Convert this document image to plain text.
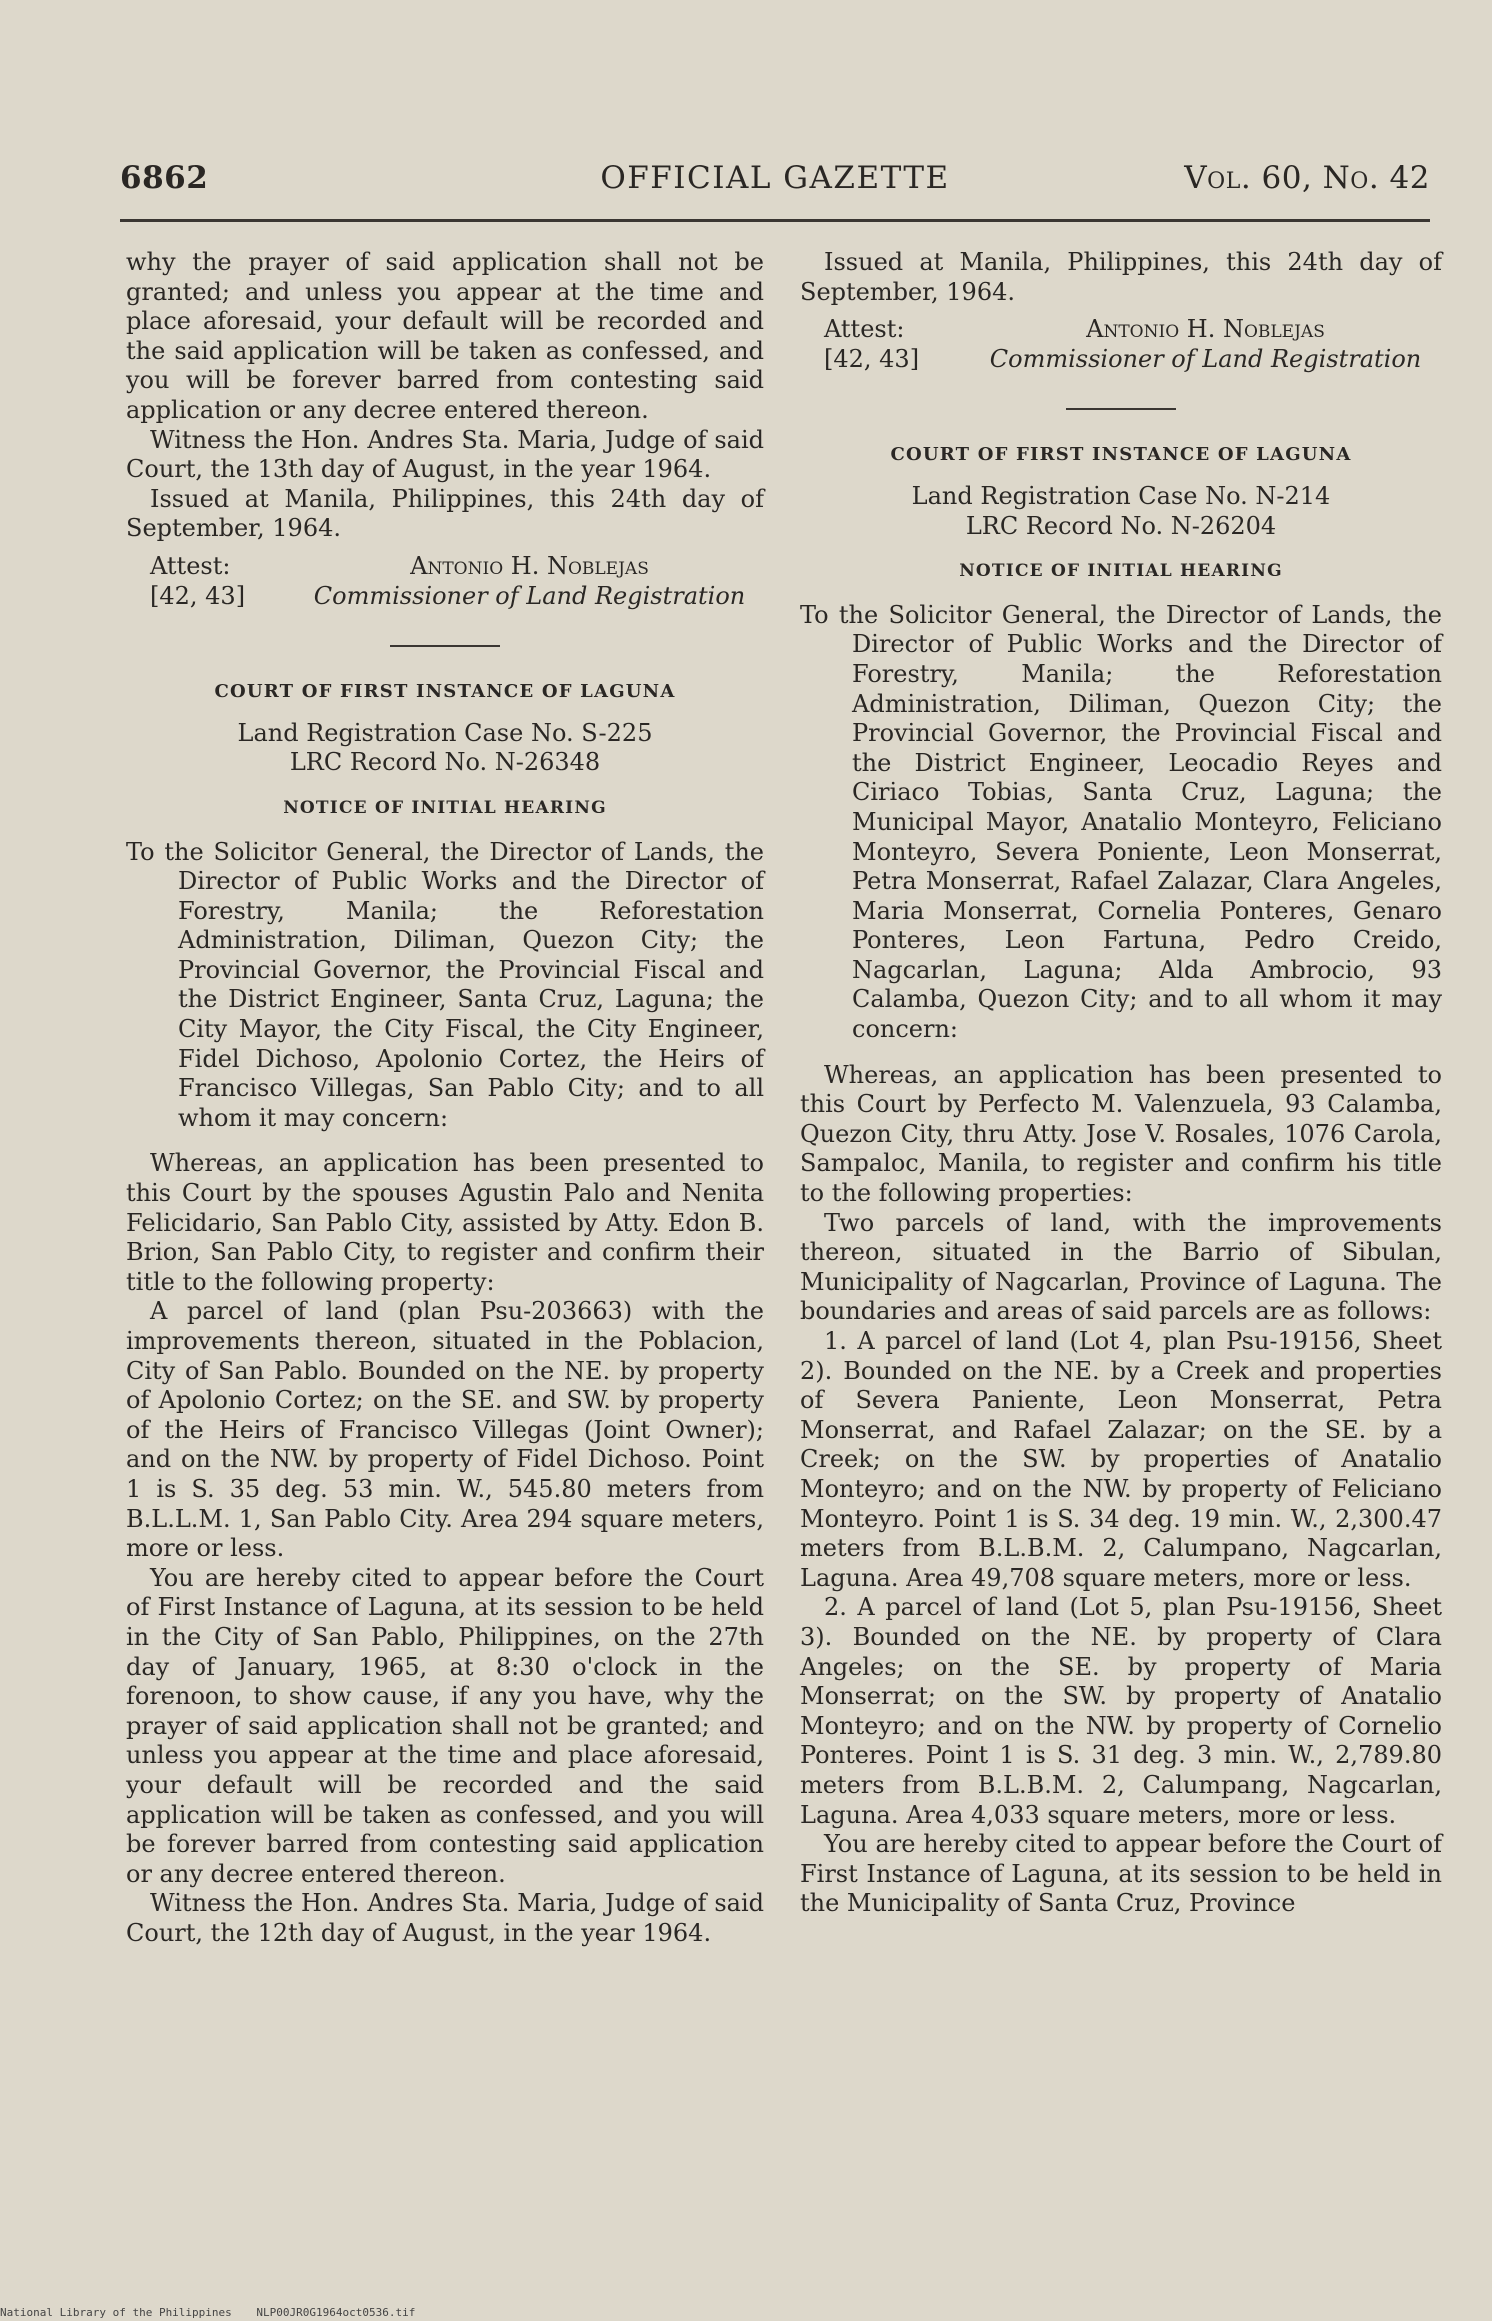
6862	OFFICIAL GAZETTE	Vol. 60, No. 42

why the prayer of said application shall not be granted; and unless you appear at the time and place aforesaid, your default will be recorded and the said application will be taken as confessed, and you will be forever barred from contesting said application or any decree entered thereon.

Witness the Hon. Andres Sta. Maria, Judge of said Court, the 13th day of August, in the year 1964.

Issued at Manila, Philippines, this 24th day of September, 1964.

Attest:	Antonio H. Noblejas
[42, 43]	Commissioner of Land Registration
COURT OF FIRST INSTANCE OF LAGUNA
Land Registration Case No. S-225
LRC Record No. N-26348
NOTICE OF INITIAL HEARING

To the Solicitor General, the Director of Lands, the Director of Public Works and the Director of Forestry, Manila; the Reforestation Administration, Diliman, Quezon City; the Provincial Governor, the Provincial Fiscal and the District Engineer, Santa Cruz, Laguna; the City Mayor, the City Fiscal, the City Engineer, Fidel Dichoso, Apolonio Cortez, the Heirs of Francisco Villegas, San Pablo City; and to all whom it may concern:

Whereas, an application has been presented to this Court by the spouses Agustin Palo and Nenita Felicidario, San Pablo City, assisted by Atty. Edon B. Brion, San Pablo City, to register and confirm their title to the following property:

A parcel of land (plan Psu-203663) with the improvements thereon, situated in the Poblacion, City of San Pablo. Bounded on the NE. by property of Apolonio Cortez; on the SE. and SW. by property of the Heirs of Francisco Villegas (Joint Owner); and on the NW. by property of Fidel Dichoso. Point 1 is S. 35 deg. 53 min. W., 545.80 meters from B.L.L.M. 1, San Pablo City. Area 294 square meters, more or less.

You are hereby cited to appear before the Court of First Instance of Laguna, at its session to be held in the City of San Pablo, Philippines, on the 27th day of January, 1965, at 8:30 o'clock in the forenoon, to show cause, if any you have, why the prayer of said application shall not be granted; and unless you appear at the time and place aforesaid, your default will be recorded and the said application will be taken as confessed, and you will be forever barred from contesting said application or any decree entered thereon.

Witness the Hon. Andres Sta. Maria, Judge of said Court, the 12th day of August, in the year 1964.

Issued at Manila, Philippines, this 24th day of September, 1964.

Attest:	Antonio H. Noblejas
[42, 43]	Commissioner of Land Registration
COURT OF FIRST INSTANCE OF LAGUNA
Land Registration Case No. N-214
LRC Record No. N-26204
NOTICE OF INITIAL HEARING

To the Solicitor General, the Director of Lands, the Director of Public Works and the Director of Forestry, Manila; the Reforestation Administration, Diliman, Quezon City; the Provincial Governor, the Provincial Fiscal and the District Engineer, Leocadio Reyes and Ciriaco Tobias, Santa Cruz, Laguna; the Municipal Mayor, Anatalio Monteyro, Feliciano Monteyro, Severa Poniente, Leon Monserrat, Petra Monserrat, Rafael Zalazar, Clara Angeles, Maria Monserrat, Cornelia Ponteres, Genaro Ponteres, Leon Fartuna, Pedro Creido, Nagcarlan, Laguna; Alda Ambrocio, 93 Calamba, Quezon City; and to all whom it may concern:

Whereas, an application has been presented to this Court by Perfecto M. Valenzuela, 93 Calamba, Quezon City, thru Atty. Jose V. Rosales, 1076 Carola, Sampaloc, Manila, to register and confirm his title to the following properties:

Two parcels of land, with the improvements thereon, situated in the Barrio of Sibulan, Municipality of Nagcarlan, Province of Laguna. The boundaries and areas of said parcels are as follows:

1. A parcel of land (Lot 4, plan Psu-19156, Sheet 2). Bounded on the NE. by a Creek and properties of Severa Paniente, Leon Monserrat, Petra Monserrat, and Rafael Zalazar; on the SE. by a Creek; on the SW. by properties of Anatalio Monteyro; and on the NW. by property of Feliciano Monteyro. Point 1 is S. 34 deg. 19 min. W., 2,300.47 meters from B.L.B.M. 2, Calumpano, Nagcarlan, Laguna. Area 49,708 square meters, more or less.

2. A parcel of land (Lot 5, plan Psu-19156, Sheet 3). Bounded on the NE. by property of Clara Angeles; on the SE. by property of Maria Monserrat; on the SW. by property of Anatalio Monteyro; and on the NW. by property of Cornelio Ponteres. Point 1 is S. 31 deg. 3 min. W., 2,789.80 meters from B.L.B.M. 2, Calumpang, Nagcarlan, Laguna. Area 4,033 square meters, more or less.

You are hereby cited to appear before the Court of First Instance of Laguna, at its session to be held in the Municipality of Santa Cruz, Province

National Library of the Philippines NLP00JR0G1964oct0536.tif
